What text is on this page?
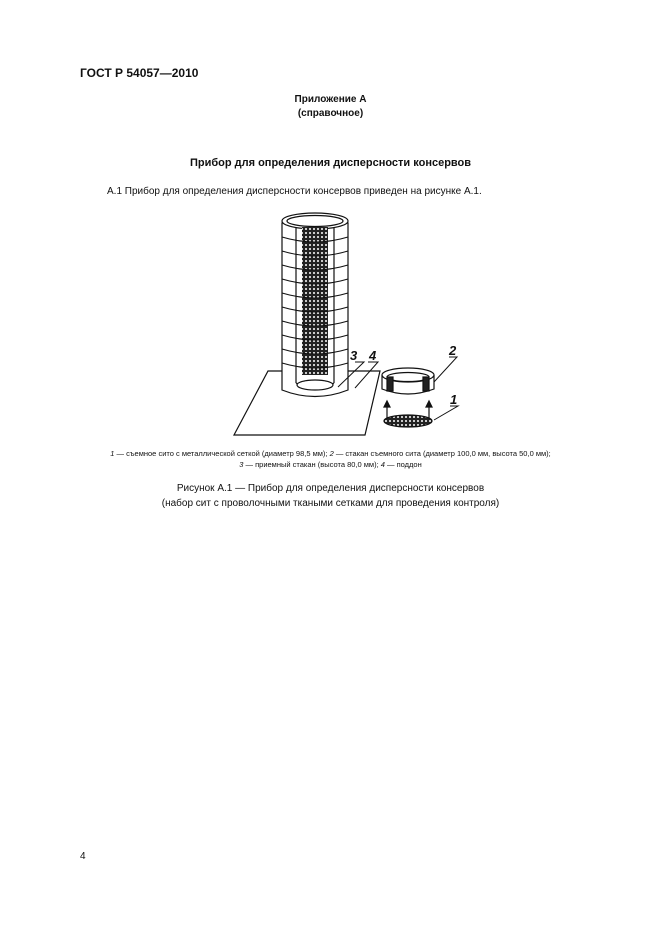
ГОСТ Р 54057—2010
Приложение А
(справочное)
Прибор для определения дисперсности консервов
А.1 Прибор для определения дисперсности консервов приведен на рисунке А.1.
3 4	2
1
1 — съемное сито с металлической сеткой (диаметр 98,5 мм); 2 — стакан съемного сита (диаметр 100,0 мм, высота 50,0 мм);
3 — приемный стакан (высота 80,0 мм); 4 — поддон
Рисунок А.1 — Прибор для определения дисперсности консервов
(набор сит с проволочными ткаными сетками для проведения контроля)
4
